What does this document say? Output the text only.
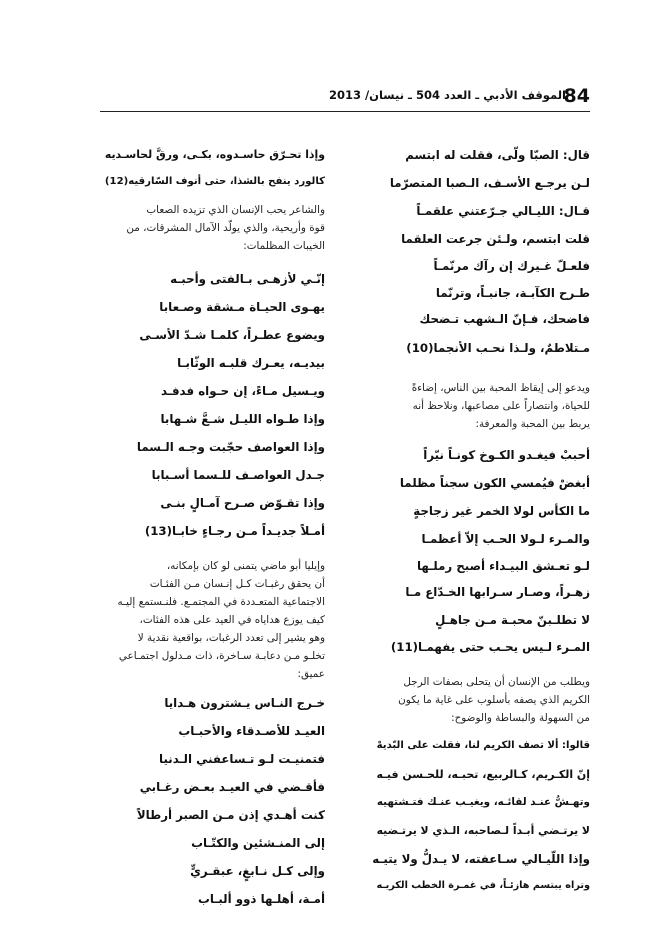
84
الموقف الأدبي ـ العدد 504 ـ نيسان/ 2013
قال: الصبّا ولّى، فقلت له ابتسم
لـن يرجـع الأسـف، الـصبا المتصرّما
قـال: الليـالي جـرّعتني علقمـاً
قلت ابتسم، ولـئن جرعت العلقما
فلعـلّ غـيرك إن رآك مرنّمـاً
طـرح الكآبـة، جانبـاً، وترنّما
فاضحك، فـإنّ الـشهب تـضحك
مـتلاطمٌ، ولـذا نحـب الأنجما(10)
ويدعو إلى إيقاظ المحبة بين الناس، إضاءةً
للحياة، وانتصاراً على مصاعبها، ونلاحظ أنه
يربط بين المحبة والمعرفة:
أحببْ فيغـدو الكـوخ كونـاً نيّراً
أبغضْ فيُمسي الكون سجناً مظلما
ما الكأس لولا الخمر غير زجاجةٍ
والمـرء لـولا الحـب إلاّ أعظمـا
لـو تعـشق البيـداء أصبح رملـها
زهـراً، وصـار سـرابها الخـدّاع مـا
لا تطلـبنّ محبـة مـن جاهـلٍ
المـرء لـيس يحـب حتى يفهمـا(11)
ويطلب من الإنسان أن يتحلى بصفات الرجل
الكريم الذي يصفه بأسلوب على غاية ما يكون
من السهولة والبساطة والوضوح:
قالوا: ألا تصف الكريم لنا، فقلت على البّديهْ
إنّ الكـريم، كـالربيع، تحبـه، للحـسن فيـه
وتهـشُّ عنـد لقائـه، ويغيـب عنـك فتـشتهيه
لا يرتـضي أبـداً لـصاحبه، الـذي لا يرتـضيه
وإذا اللّيـالي سـاعفته، لا يـدلُّ ولا يتيـه
وتراه يبتسم هازئـاً، في غمـرة الخطب الكريـه
وإذا تحـرّق حاسـدوه، بكـى، ورقَّ لحاسـديه
كالورد ينفح بالشذا، حتى أنوف السّارقيه(12)
والشاعر يحب الإنسان الذي تزيده الصعاب
قوة وأريحية، والذي يولّد الآمال المشرقات، من
الخيبات المظلمات:
إنّـي لأزهـى بـالفتى وأحبـه
يهـوى الحيـاة مـشقة وصـعابا
ويضوع عطـراً، كلمـا شـدّ الأسـى
بيديـه، يعـرك قلبـه الوثّابـا
ويـسيل مـاءً، إن حـواه فدفـد
وإذا طـواه الليـل شـعَّ شـهابا
وإذا العواصف حجّبت وجـه الـسما
جـدل العواصـف للـسما أسـبابا
وإذا تقـوّض صـرح آمـالٍ بنـى
أمـلاً جديـداً مـن رجـاءٍ خابـا(13)
وإيليا أبو ماضي يتمنى لو كان بإمكانه،
أن يحقق رغبـات كـل إنـسان مـن الفئـات
الاجتماعية المتعـددة في المجتمـع. فلنـستمع إليـه
كيف يوزع هداياه في العيد على هذه الفئات،
وهو يشير إلى تعدد الرغبات، بواقعية نقدية لا
تخلـو مـن دعابـة سـاخرة، ذات مـدلول اجتمـاعي
عميق:
خـرج النـاس يـشترون هـدايا
العيـد للأصـدقاء والأحبـاب
فتمنيـت لـو تـساعفني الـدنيا
فأقـضي في العيـد بعـض رغـابي
كنت أهـدي إذن مـن الصبر أرطالاً
إلى المنـشئين والكتّـاب
وإلى كـل نـابغٍ، عبقـريٍّ
أمـة، أهلـها ذوو ألبـاب
